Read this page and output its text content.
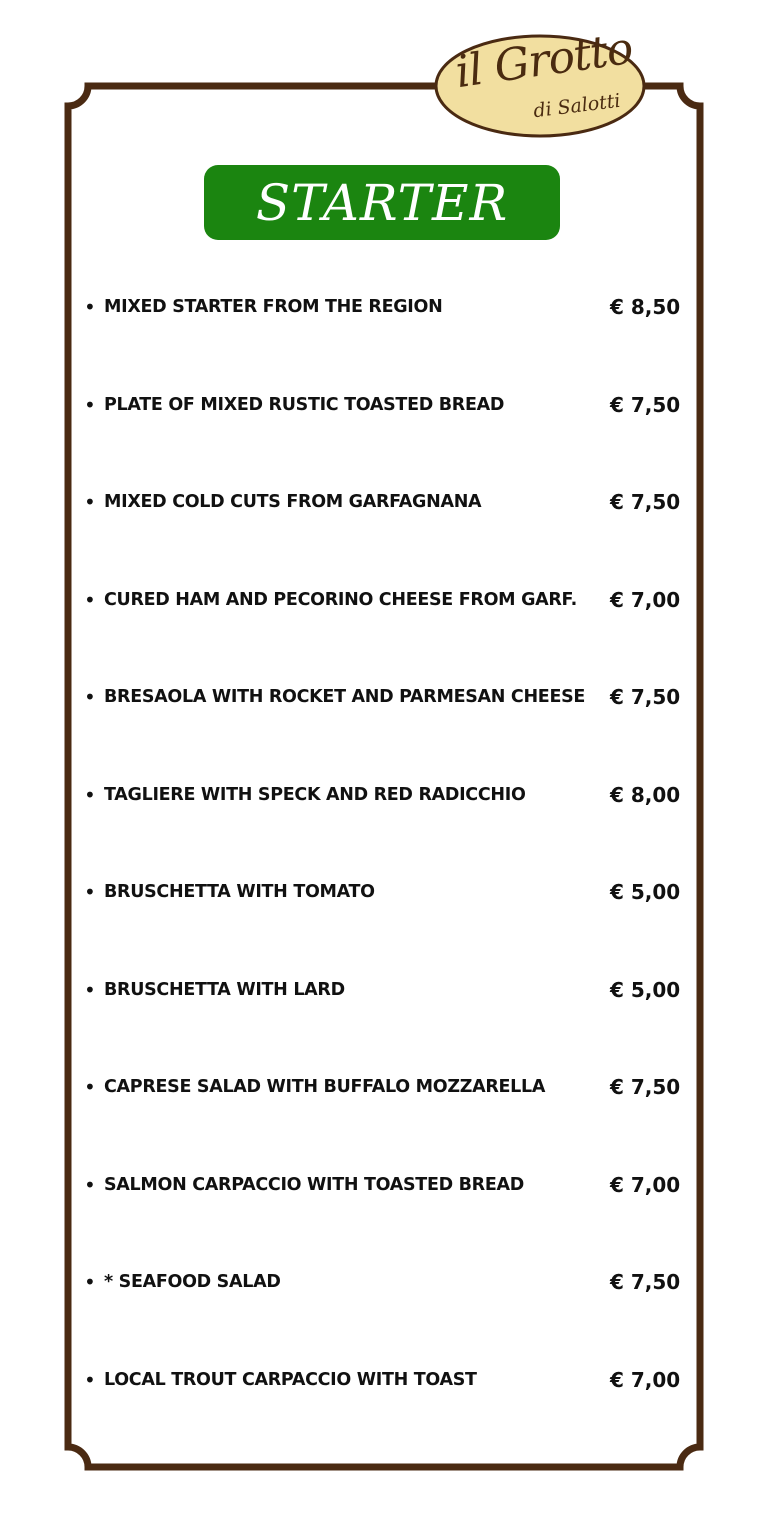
il Grotto
di Salotti
STARTER
• MIXED STARTER FROM THE REGION	€ 8,50
• PLATE OF MIXED RUSTIC TOASTED BREAD	€ 7,50
• MIXED COLD CUTS FROM GARFAGNANA	€ 7,50
• CURED HAM AND PECORINO CHEESE FROM GARF. € 7,00
• BRESAOLA WITH ROCKET AND PARMESAN CHEESE € 7,50
• TAGLIERE WITH SPECK AND RED RADICCHIO	€ 8,00
• BRUSCHETTA WITH TOMATO	€ 5,00
• BRUSCHETTA WITH LARD	€ 5,00
• CAPRESE SALAD WITH BUFFALO MOZZARELLA	€ 7,50
• SALMON CARPACCIO WITH TOASTED BREAD	€ 7,00
• * SEAFOOD SALAD	€ 7,50
• LOCAL TROUT CARPACCIO WITH TOAST	€ 7,00
